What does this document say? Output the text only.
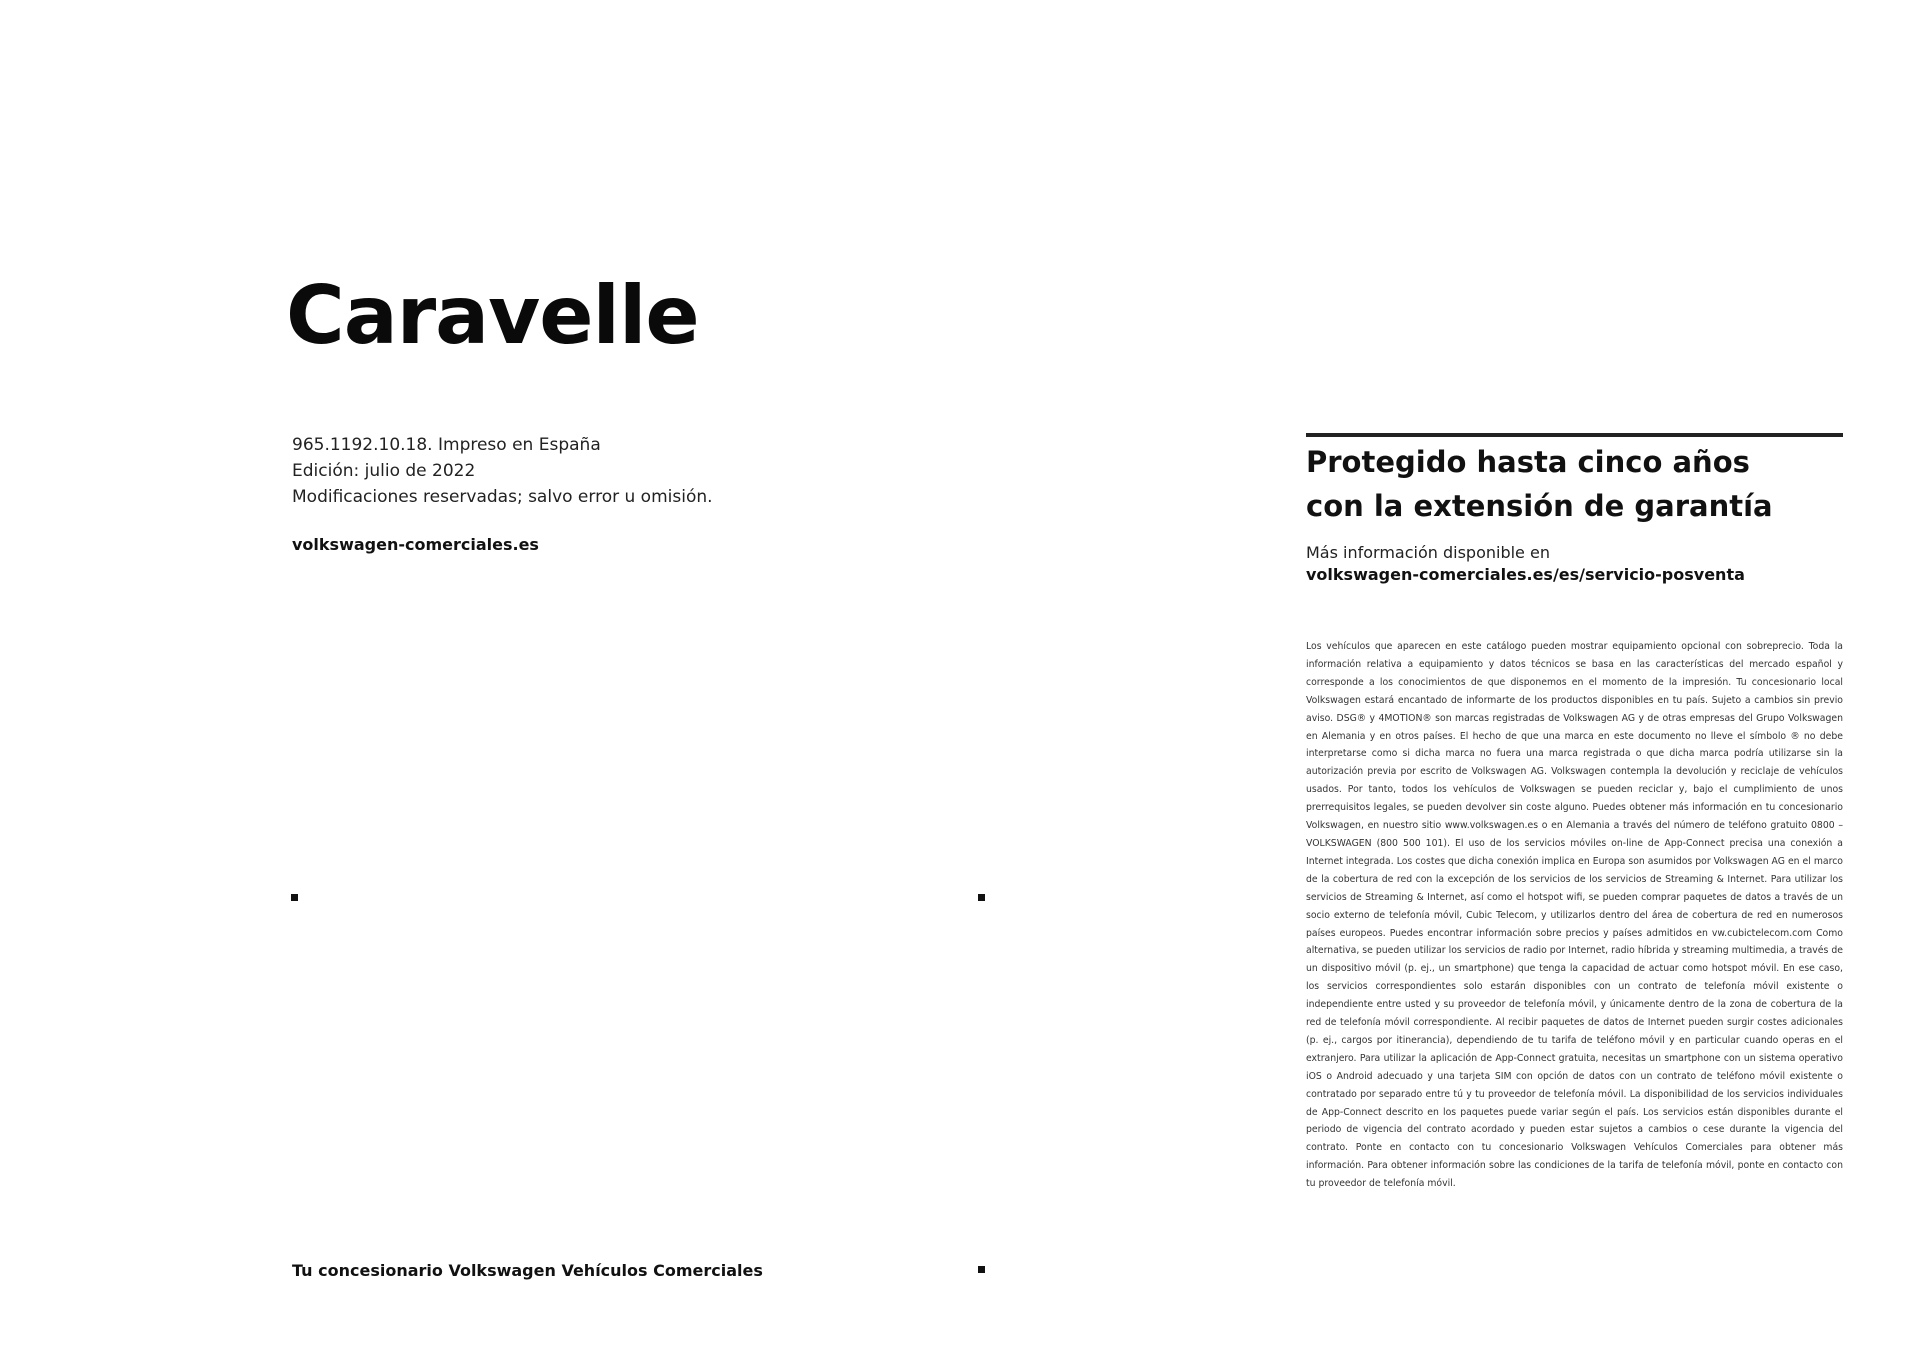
Caravelle
965.1192.10.18. Impreso en España
Edición: julio de 2022
Modificaciones reservadas; salvo error u omisión.
volkswagen-comerciales.es
Tu concesionario Volkswagen Vehículos Comerciales
Protegido hasta cinco años
con la extensión de garantía
Más información disponible en
volkswagen-comerciales.es/es/servicio-posventa

Los vehículos que aparecen en este catálogo pueden mostrar equipamiento opcional con sobreprecio. Toda la información relativa a equipamiento y datos técnicos se basa en las características del mercado español y corresponde a los conocimientos de que disponemos en el momento de la impresión. Tu concesionario local Volkswagen estará encantado de informarte de los productos disponibles en tu país. Sujeto a cambios sin previo aviso. DSG® y 4MOTION® son marcas registradas de Volkswagen AG y de otras empresas del Grupo Volkswagen en Alemania y en otros países. El hecho de que una marca en este documento no lleve el símbolo ® no debe interpretarse como si dicha marca no fuera una marca registrada o que dicha marca podría utilizarse sin la autorización previa por escrito de Volkswagen AG. Volkswagen contempla la devolución y reciclaje de vehículos usados. Por tanto, todos los vehículos de Volkswagen se pueden reciclar y, bajo el cumplimiento de unos prerrequisitos legales, se pueden devolver sin coste alguno. Puedes obtener más información en tu concesionario Volkswagen, en nuestro sitio www.volkswagen.es o en Alemania a través del número de teléfono gratuito 0800 – VOLKSWAGEN (800 500 101). El uso de los servicios móviles on-line de App-Connect precisa una conexión a Internet integrada. Los costes que dicha conexión implica en Europa son asumidos por Volkswagen AG en el marco de la cobertura de red con la excepción de los servicios de los servicios de Streaming & Internet. Para utilizar los servicios de Streaming & Internet, así como el hotspot wifi, se pueden comprar paquetes de datos a través de un socio externo de telefonía móvil, Cubic Telecom, y utilizarlos dentro del área de cobertura de red en numerosos países europeos. Puedes encontrar información sobre precios y países admitidos en vw.cubictelecom.com Como alternativa, se pueden utilizar los servicios de radio por Internet, radio híbrida y streaming multimedia, a través de un dispositivo móvil (p. ej., un smartphone) que tenga la capacidad de actuar como hotspot móvil. En ese caso, los servicios correspondientes solo estarán disponibles con un contrato de telefonía móvil existente o independiente entre usted y su proveedor de telefonía móvil, y únicamente dentro de la zona de cobertura de la red de telefonía móvil correspondiente. Al recibir paquetes de datos de Internet pueden surgir costes adicionales (p. ej., cargos por itinerancia), dependiendo de tu tarifa de teléfono móvil y en particular cuando operas en el extranjero. Para utilizar la aplicación de App-Connect gratuita, necesitas un smartphone con un sistema operativo iOS o Android adecuado y una tarjeta SIM con opción de datos con un contrato de teléfono móvil existente o contratado por separado entre tú y tu proveedor de telefonía móvil. La disponibilidad de los servicios individuales de App-Connect descrito en los paquetes puede variar según el país. Los servicios están disponibles durante el periodo de vigencia del contrato acordado y pueden estar sujetos a cambios o cese durante la vigencia del contrato. Ponte en contacto con tu concesionario Volkswagen Vehículos Comerciales para obtener más información. Para obtener información sobre las condiciones de la tarifa de telefonía móvil, ponte en contacto con tu proveedor de telefonía móvil.
